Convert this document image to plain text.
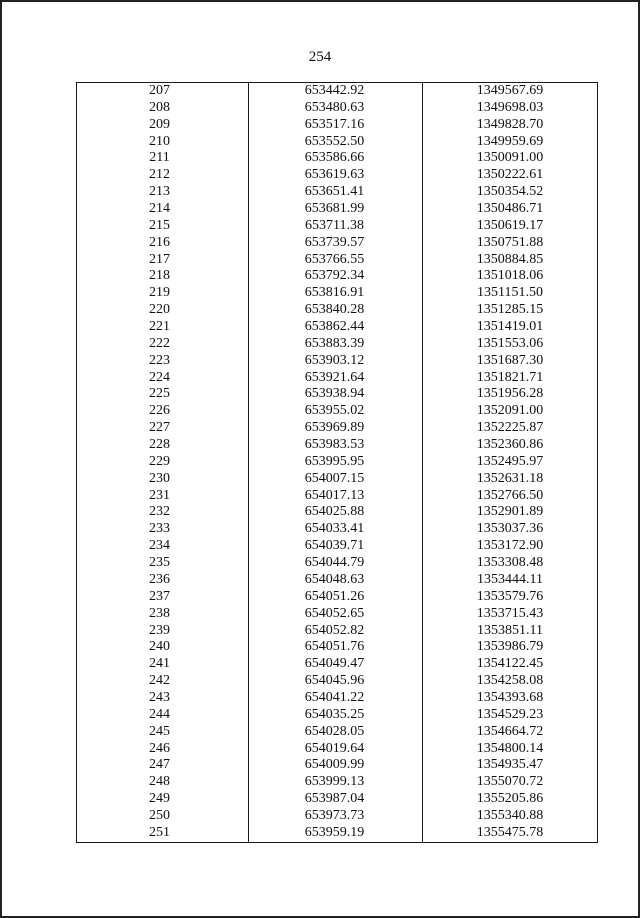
254
207	653442.92	1349567.69
208	653480.63	1349698.03
209	653517.16	1349828.70
210	653552.50	1349959.69
211	653586.66	1350091.00
212	653619.63	1350222.61
213	653651.41	1350354.52
214	653681.99	1350486.71
215	653711.38	1350619.17
216	653739.57	1350751.88
217	653766.55	1350884.85
218	653792.34	1351018.06
219	653816.91	1351151.50
220	653840.28	1351285.15
221	653862.44	1351419.01
222	653883.39	1351553.06
223	653903.12	1351687.30
224	653921.64	1351821.71
225	653938.94	1351956.28
226	653955.02	1352091.00
227	653969.89	1352225.87
228	653983.53	1352360.86
229	653995.95	1352495.97
230	654007.15	1352631.18
231	654017.13	1352766.50
232	654025.88	1352901.89
233	654033.41	1353037.36
234	654039.71	1353172.90
235	654044.79	1353308.48
236	654048.63	1353444.11
237	654051.26	1353579.76
238	654052.65	1353715.43
239	654052.82	1353851.11
240	654051.76	1353986.79
241	654049.47	1354122.45
242	654045.96	1354258.08
243	654041.22	1354393.68
244	654035.25	1354529.23
245	654028.05	1354664.72
246	654019.64	1354800.14
247	654009.99	1354935.47
248	653999.13	1355070.72
249	653987.04	1355205.86
250	653973.73	1355340.88
251	653959.19	1355475.78
